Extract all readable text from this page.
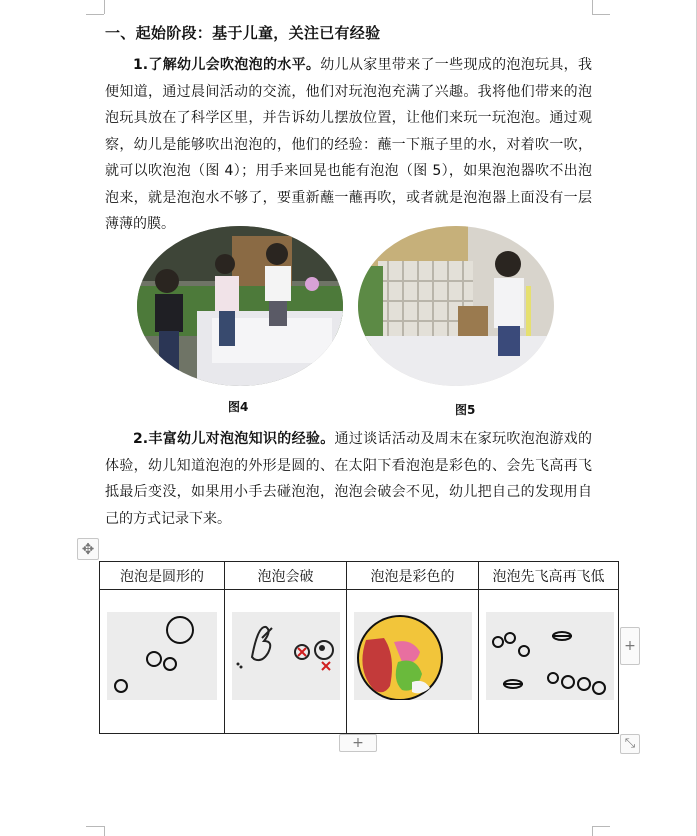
一、起始阶段：基于儿童，关注已有经验

1.了解幼儿会吹泡泡的水平。幼儿从家里带来了一些现成的泡泡玩具，我便知道，通过晨间活动的交流，他们对玩泡泡充满了兴趣。我将他们带来的泡泡玩具放在了科学区里，并告诉幼儿摆放位置，让他们来玩一玩泡泡。通过观察，幼儿是能够吹出泡泡的，他们的经验：蘸一下瓶子里的水，对着吹一吹，就可以吹泡泡（图 4）；用手来回晃也能有泡泡（图 5），如果泡泡器吹不出泡泡来，就是泡泡水不够了，要重新蘸一蘸再吹，或者就是泡泡器上面没有一层薄薄的膜。

图4	图5

2.丰富幼儿对泡泡知识的经验。通过谈话活动及周末在家玩吹泡泡游戏的体验，幼儿知道泡泡的外形是圆的、在太阳下看泡泡是彩色的、会先飞高再飞抵最后变没，如果用小手去碰泡泡，泡泡会破会不见，幼儿把自己的发现用自己的方式记录下来。

✥
泡泡是圆形的	泡泡会破	泡泡是彩色的	泡泡先飞高再飞低

+
+	⤡
